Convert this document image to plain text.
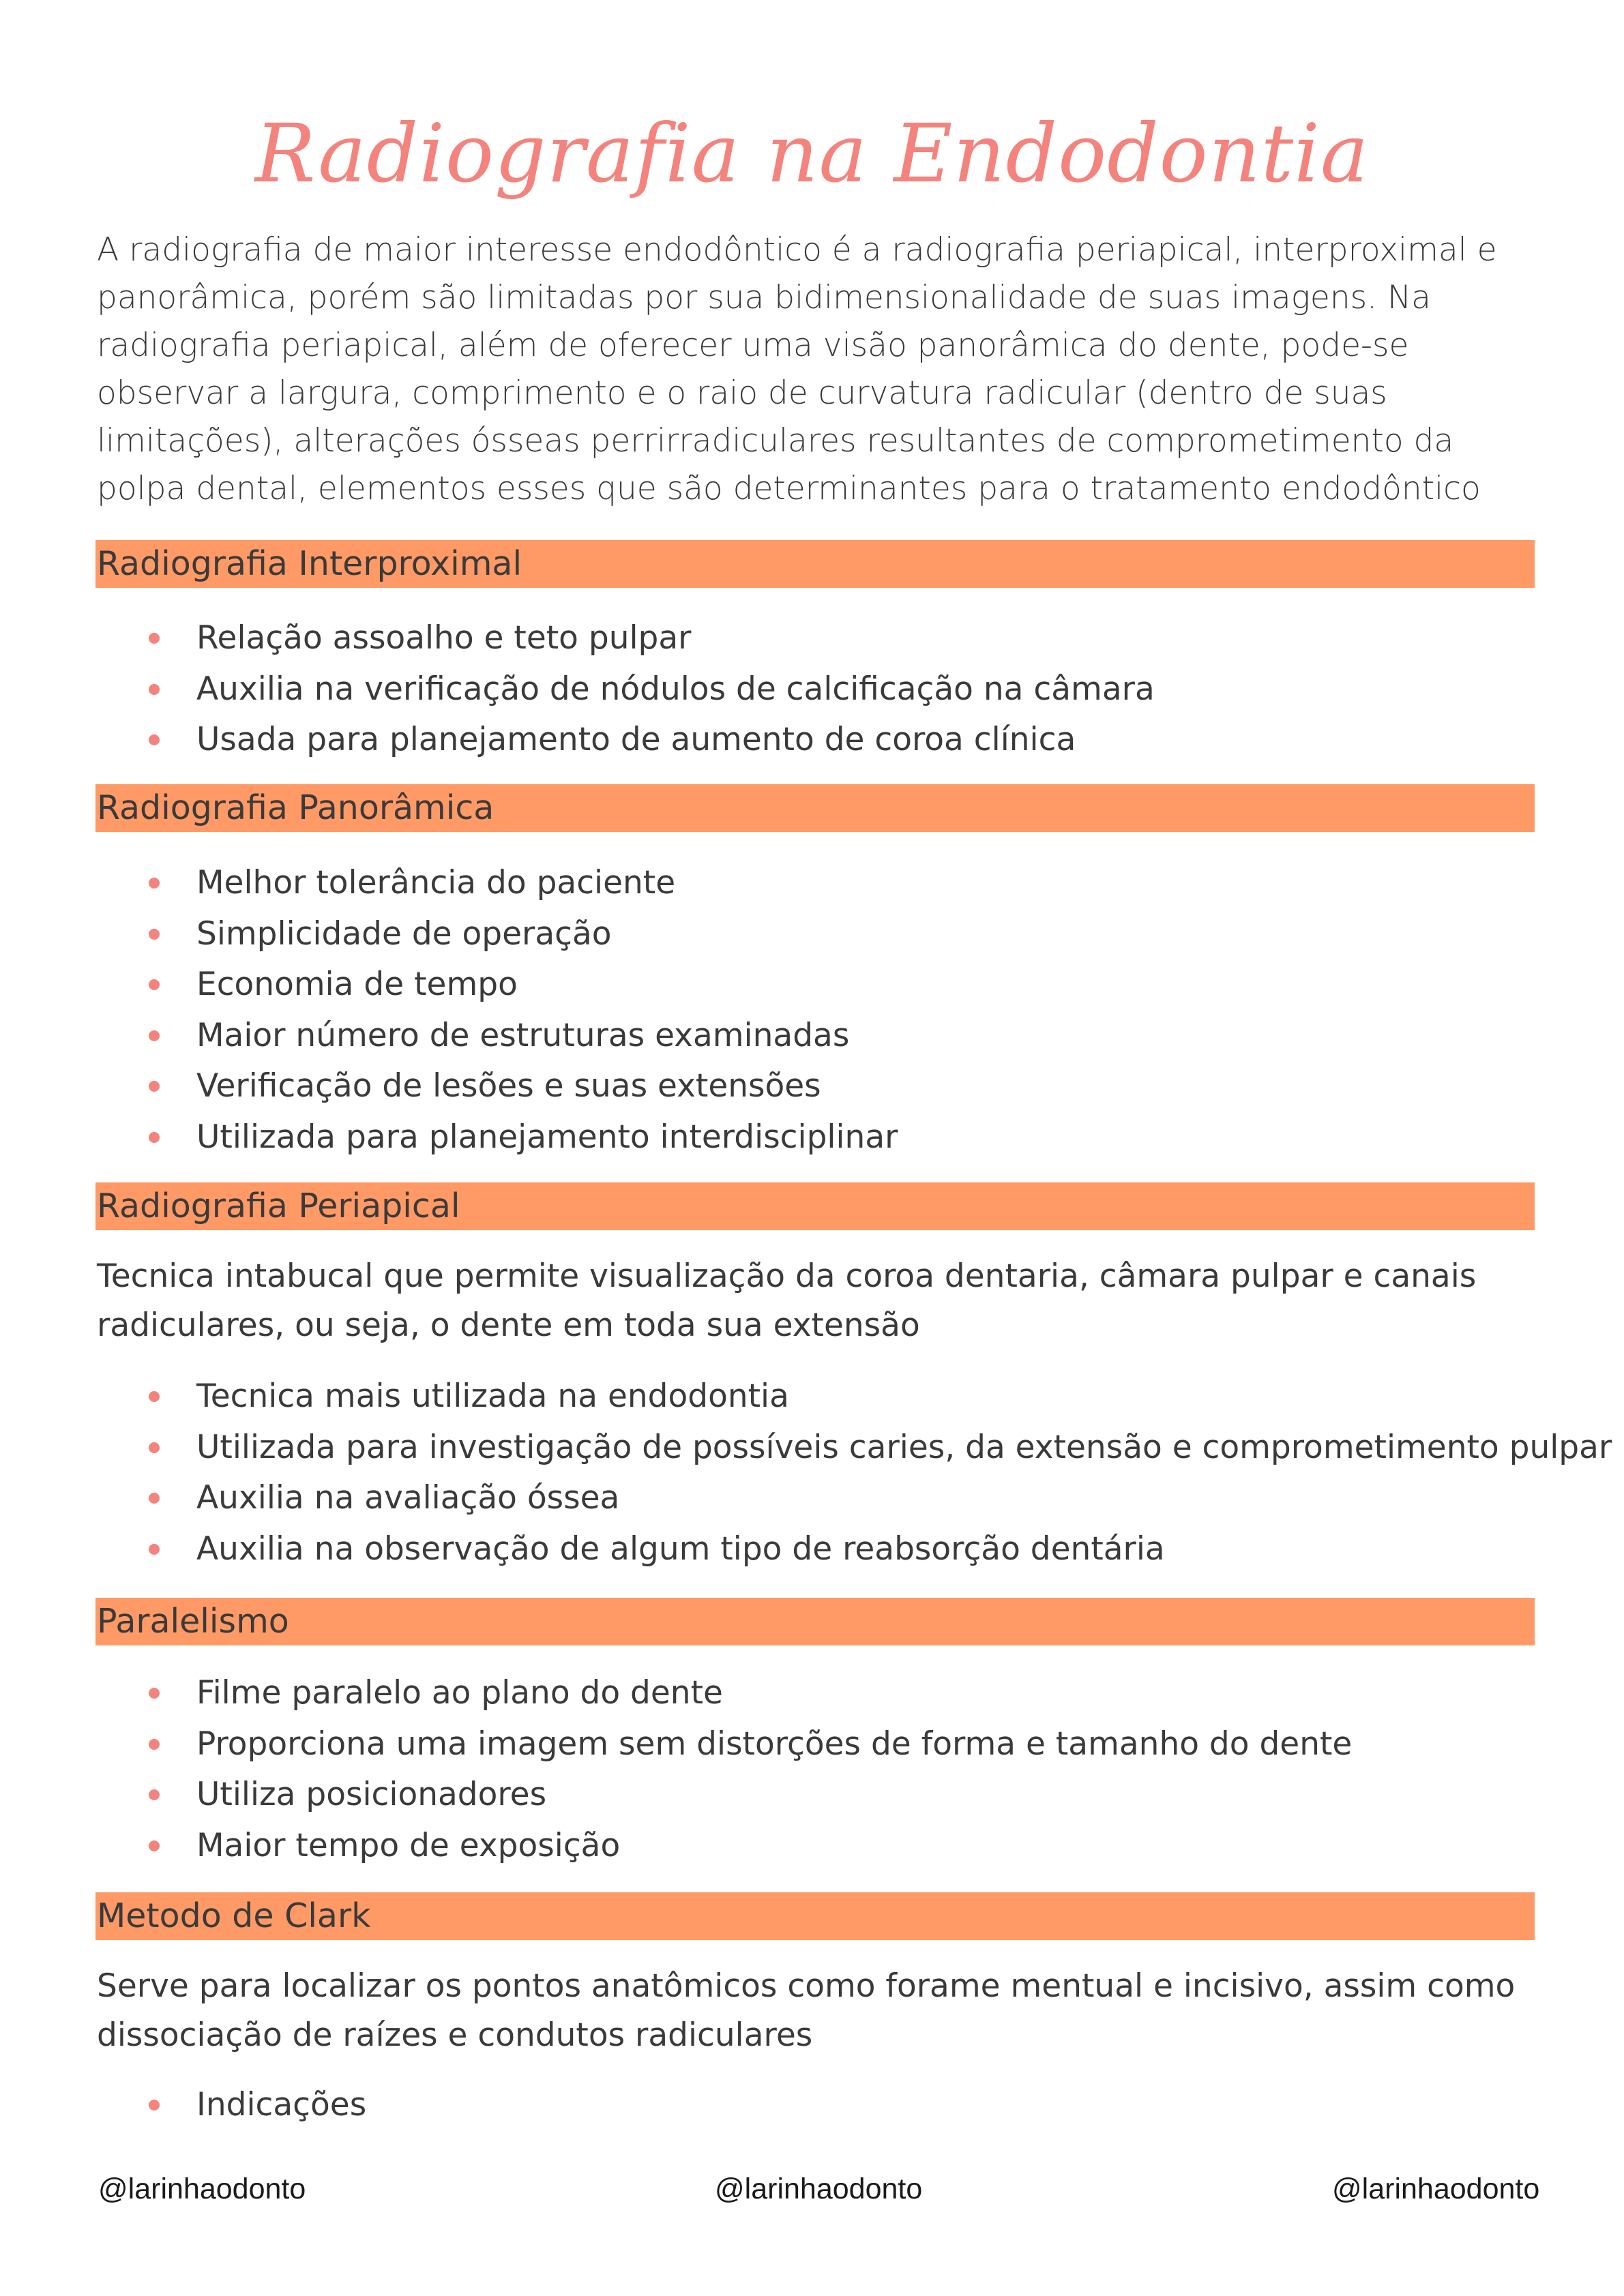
Radiografia na Endodontia
A radiografia de maior interesse endodôntico é a radiografia periapical, interproximal e panorâmica, porém são limitadas por sua bidimensionalidade de suas imagens. Na radiografia periapical, além de oferecer uma visão panorâmica do dente, pode-se observar a largura, comprimento e o raio de curvatura radicular (dentro de suas limitações), alterações ósseas perrirradiculares resultantes de comprometimento da polpa dental, elementos esses que são determinantes para o tratamento endodôntico
Radiografia Interproximal
Relação assoalho e teto pulpar
Auxilia na verificação de nódulos de calcificação na câmara
Usada para planejamento de aumento de coroa clínica
Radiografia Panorâmica
Melhor tolerância do paciente
Simplicidade de operação
Economia de tempo
Maior número de estruturas examinadas
Verificação de lesões e suas extensões
Utilizada para planejamento interdisciplinar
Radiografia Periapical
Tecnica intabucal que permite visualização da coroa dentaria, câmara pulpar e canais radiculares, ou seja, o dente em toda sua extensão
Tecnica mais utilizada na endodontia
Utilizada para investigação de possíveis caries, da extensão e comprometimento pulpar
Auxilia na avaliação óssea
Auxilia na observação de algum tipo de reabsorção dentária
Paralelismo
Filme paralelo ao plano do dente
Proporciona uma imagem sem distorções de forma e tamanho do dente
Utiliza posicionadores
Maior tempo de exposição
Metodo de Clark
Serve para localizar os pontos anatômicos como forame mentual e incisivo, assim como dissociação de raízes e condutos radiculares
Indicações
@larinhaodonto	@larinhaodonto	@larinhaodonto
